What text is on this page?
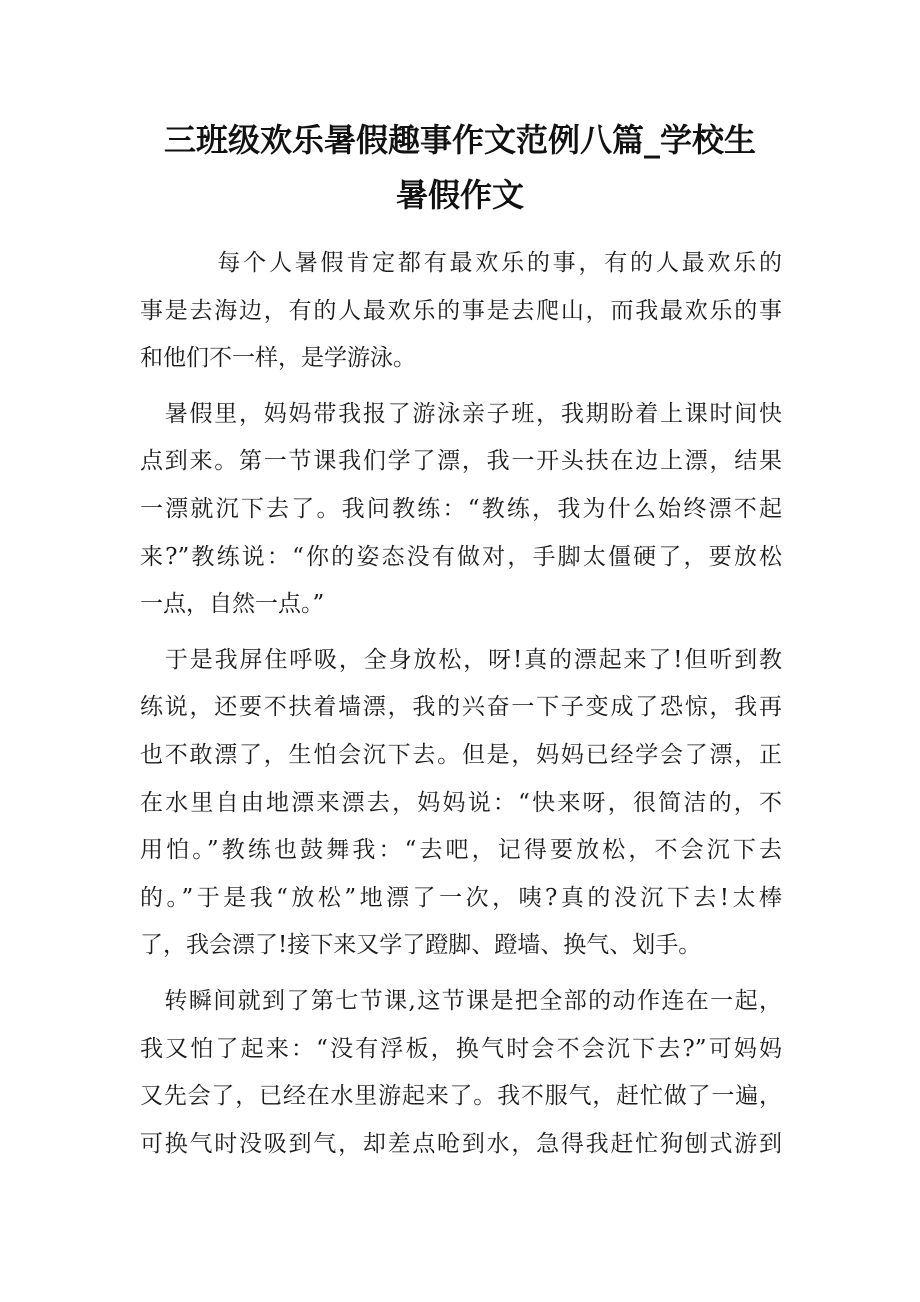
三班级欢乐暑假趣事作文范例八篇_学校生
暑假作文
　　　每个人暑假肯定都有最欢乐的事，有的人最欢乐的
事是去海边，有的人最欢乐的事是去爬山，而我最欢乐的事
和他们不一样，是学游泳。
　暑假里，妈妈带我报了游泳亲子班，我期盼着上课时间快
点到来。第一节课我们学了漂，我一开头扶在边上漂，结果
一漂就沉下去了。我问教练：“教练，我为什么始终漂不起
来?”教练说：“你的姿态没有做对，手脚太僵硬了，要放松
一点，自然一点。”
　于是我屏住呼吸，全身放松，呀!真的漂起来了!但听到教
练说，还要不扶着墙漂，我的兴奋一下子变成了恐惊，我再
也不敢漂了，生怕会沉下去。但是，妈妈已经学会了漂，正
在水里自由地漂来漂去，妈妈说：“快来呀，很简洁的，不
用怕。”教练也鼓舞我：“去吧，记得要放松，不会沉下去
的。”于是我“放松”地漂了一次，咦?真的没沉下去!太棒
了，我会漂了!接下来又学了蹬脚、蹬墙、换气、划手。
　转瞬间就到了第七节课,这节课是把全部的动作连在一起，
我又怕了起来：“没有浮板，换气时会不会沉下去?”可妈妈
又先会了，已经在水里游起来了。我不服气，赶忙做了一遍，
可换气时没吸到气，却差点呛到水，急得我赶忙狗刨式游到
